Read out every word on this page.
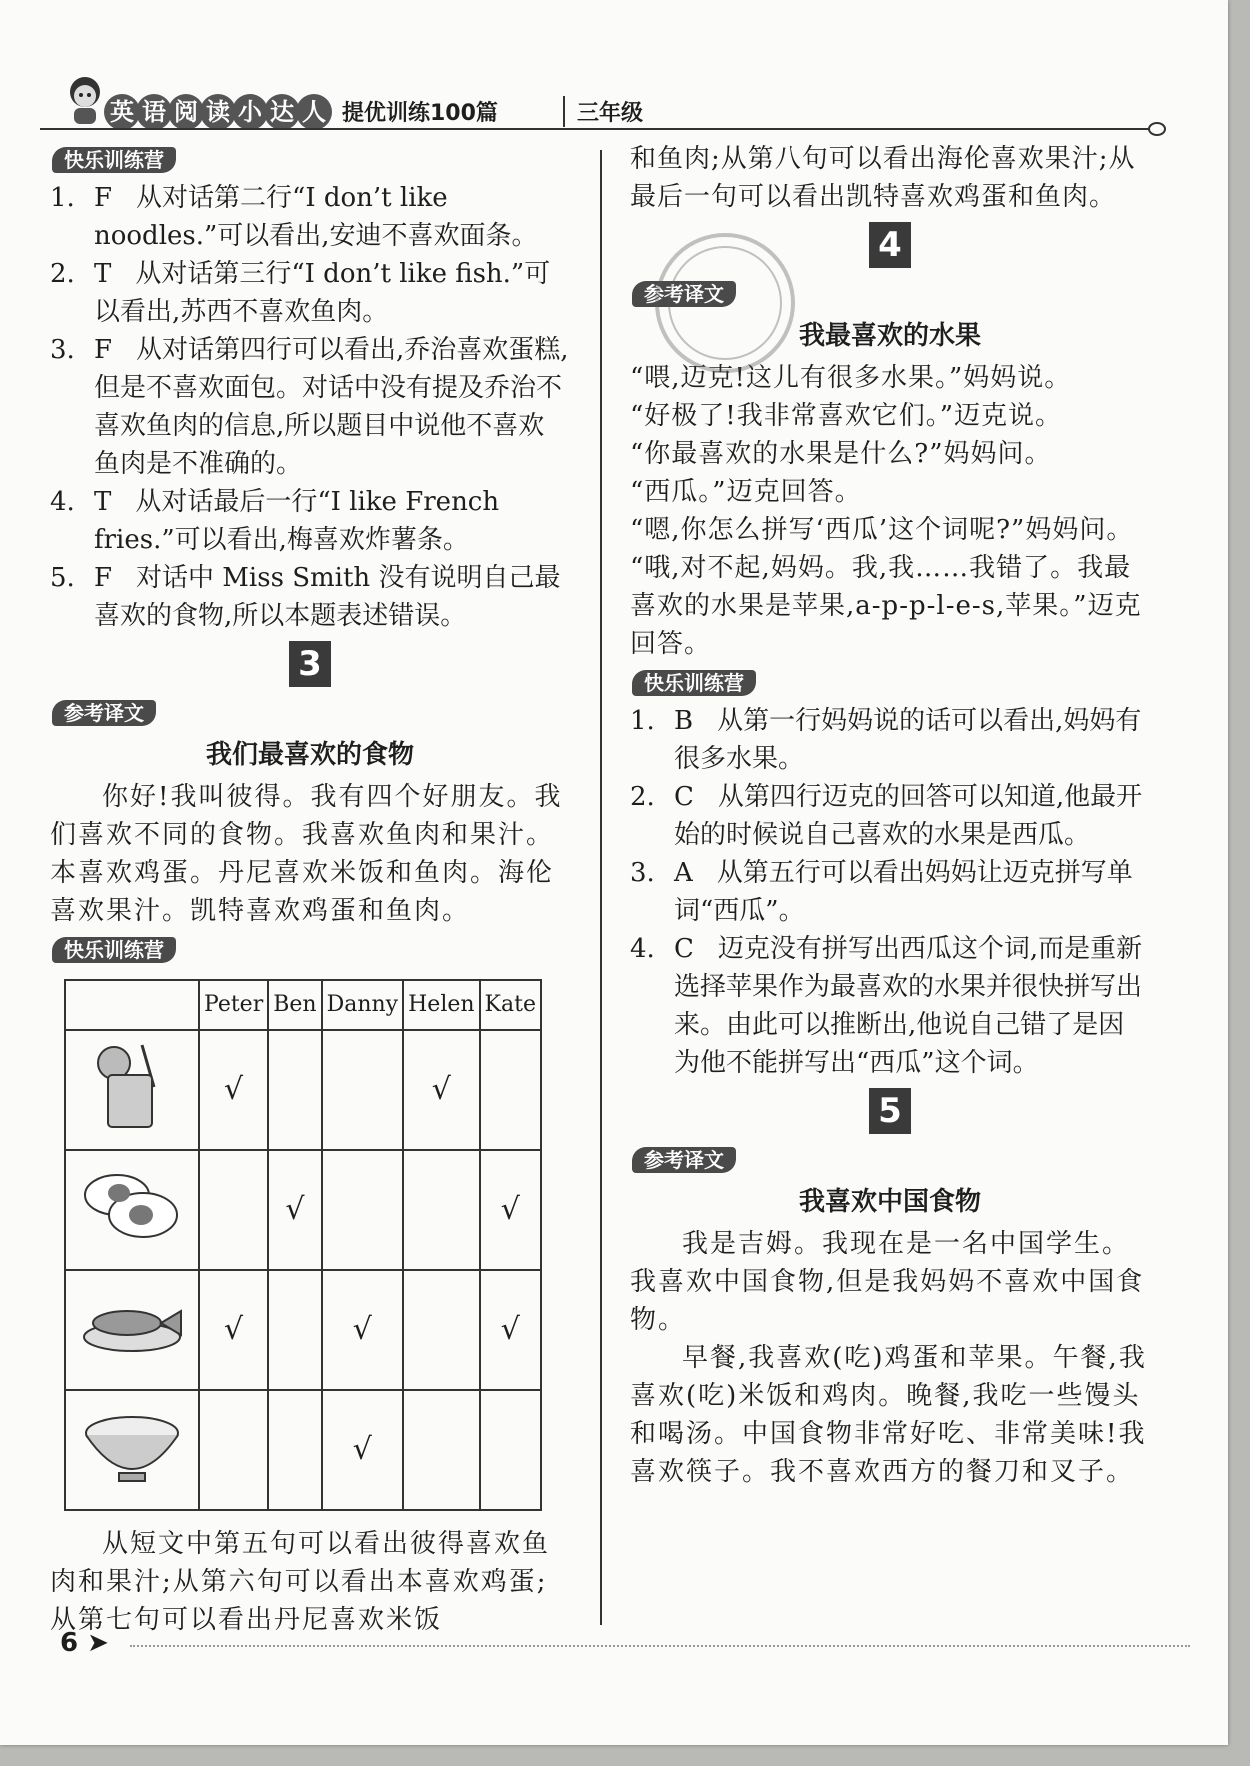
英 语 阅 读 小 达 人 提优训练100篇	三年级
快乐训练营
1. F 从对话第二行“I don’t like noodles.”可以看出,安迪不喜欢面条。
2. T 从对话第三行“I don’t like fish.”可以看出,苏西不喜欢鱼肉。
3. F 从对话第四行可以看出,乔治喜欢蛋糕,但是不喜欢面包。对话中没有提及乔治不喜欢鱼肉的信息,所以题目中说他不喜欢鱼肉是不准确的。
4. T 从对话最后一行“I like French fries.”可以看出,梅喜欢炸薯条。
5. F 对话中 Miss Smith 没有说明自己最喜欢的食物,所以本题表述错误。
3
参考译文
我们最喜欢的食物
你好!我叫彼得。我有四个好朋友。我们喜欢不同的食物。我喜欢鱼肉和果汁。本喜欢鸡蛋。丹尼喜欢米饭和鱼肉。海伦喜欢果汁。凯特喜欢鸡蛋和鱼肉。
快乐训练营
	Peter	Ben	Danny	Helen	Kate
	√			√	
		√			√
	√		√		√
			√		
从短文中第五句可以看出彼得喜欢鱼肉和果汁;从第六句可以看出本喜欢鸡蛋;从第七句可以看出丹尼喜欢米饭
和鱼肉;从第八句可以看出海伦喜欢果汁;从最后一句可以看出凯特喜欢鸡蛋和鱼肉。
4
参考译文
我最喜欢的水果
“喂,迈克!这儿有很多水果。”妈妈说。
“好极了!我非常喜欢它们。”迈克说。
“你最喜欢的水果是什么?”妈妈问。
“西瓜。”迈克回答。
“嗯,你怎么拼写‘西瓜’这个词呢?”妈妈问。
“哦,对不起,妈妈。我,我……我错了。我最喜欢的水果是苹果,a-p-p-l-e-s,苹果。”迈克回答。
快乐训练营
1. B 从第一行妈妈说的话可以看出,妈妈有很多水果。
2. C 从第四行迈克的回答可以知道,他最开始的时候说自己喜欢的水果是西瓜。
3. A 从第五行可以看出妈妈让迈克拼写单词“西瓜”。
4. C 迈克没有拼写出西瓜这个词,而是重新选择苹果作为最喜欢的水果并很快拼写出来。由此可以推断出,他说自己错了是因为他不能拼写出“西瓜”这个词。
5
参考译文
我喜欢中国食物
我是吉姆。我现在是一名中国学生。我喜欢中国食物,但是我妈妈不喜欢中国食物。
早餐,我喜欢(吃)鸡蛋和苹果。午餐,我喜欢(吃)米饭和鸡肉。晚餐,我吃一些馒头和喝汤。中国食物非常好吃、非常美味!我喜欢筷子。我不喜欢西方的餐刀和叉子。
6 ➤
